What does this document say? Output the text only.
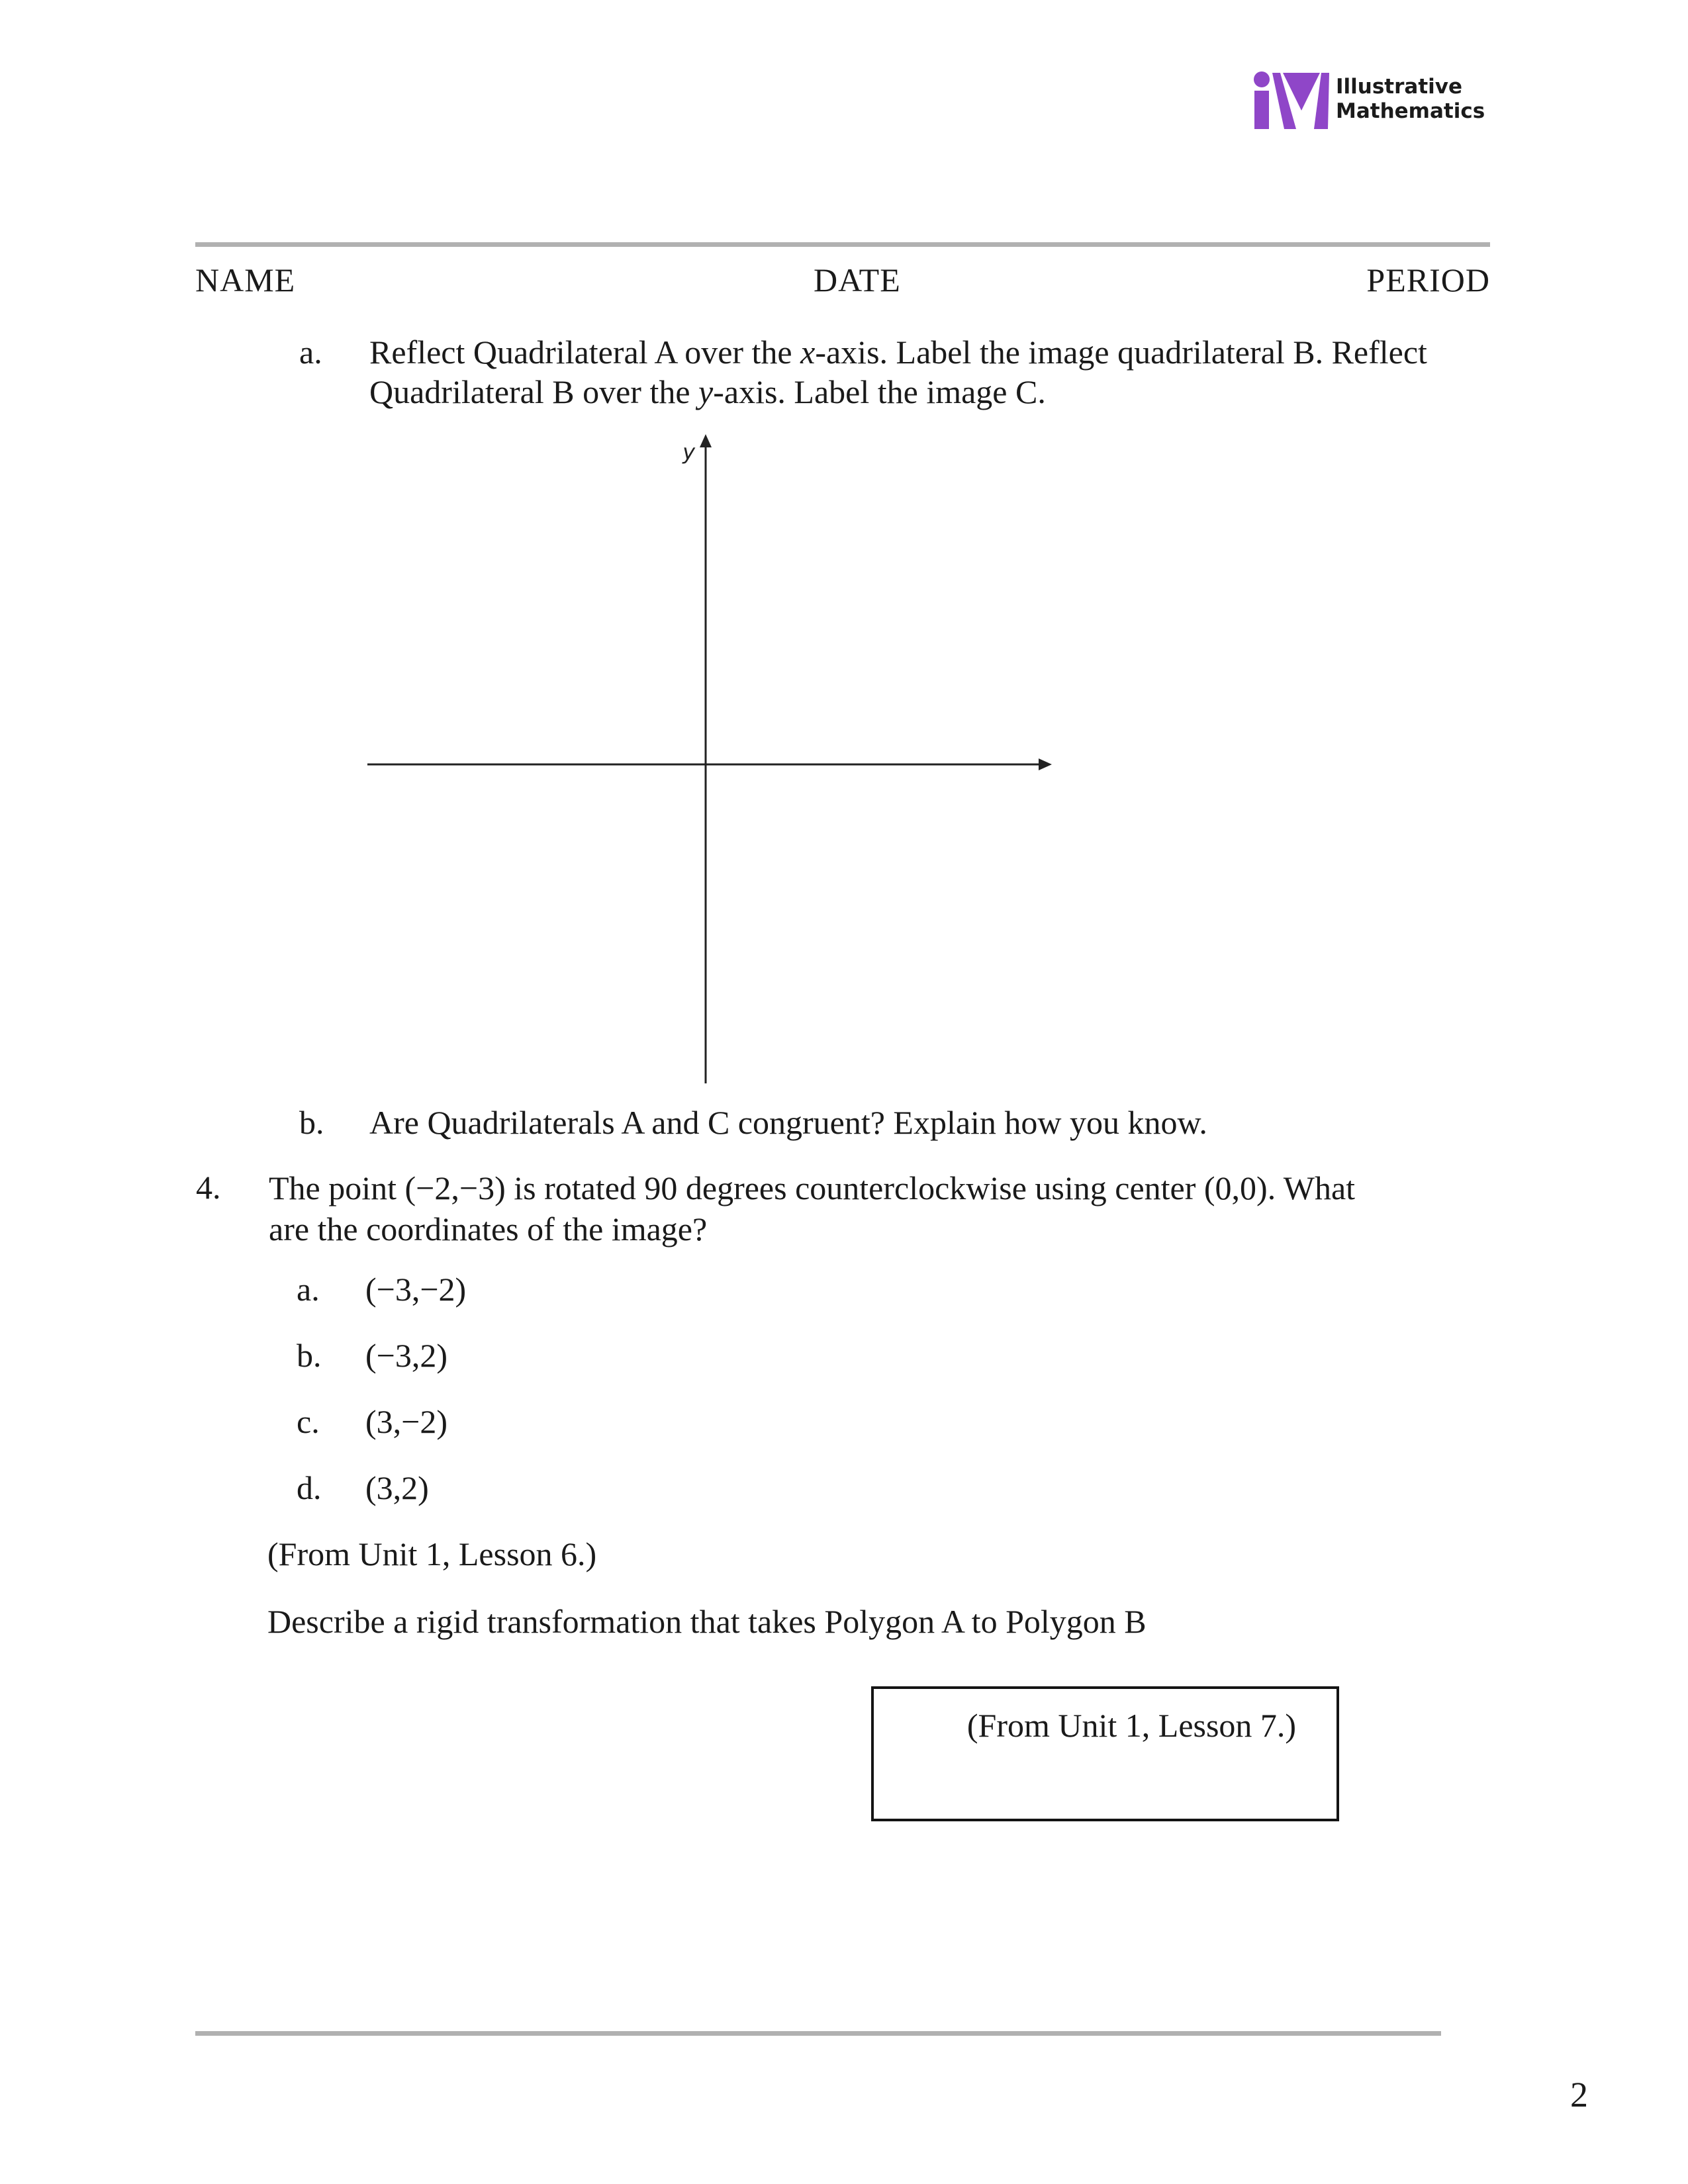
Illustrative
Mathematics
NAME	DATE	PERIOD
a. Reflect Quadrilateral A over the x-axis. Label the image quadrilateral B. Reflect
Quadrilateral B over the y-axis. Label the image C.
y
b. Are Quadrilaterals A and C congruent? Explain how you know.
4. The point (−2,−3) is rotated 90 degrees counterclockwise using center (0,0). What
are the coordinates of the image?
a. (−3,−2)
b. (−3,2)
c. (3,−2)
d. (3,2)
(From Unit 1, Lesson 6.)
Describe a rigid transformation that takes Polygon A to Polygon B
(From Unit 1, Lesson 7.)
2
